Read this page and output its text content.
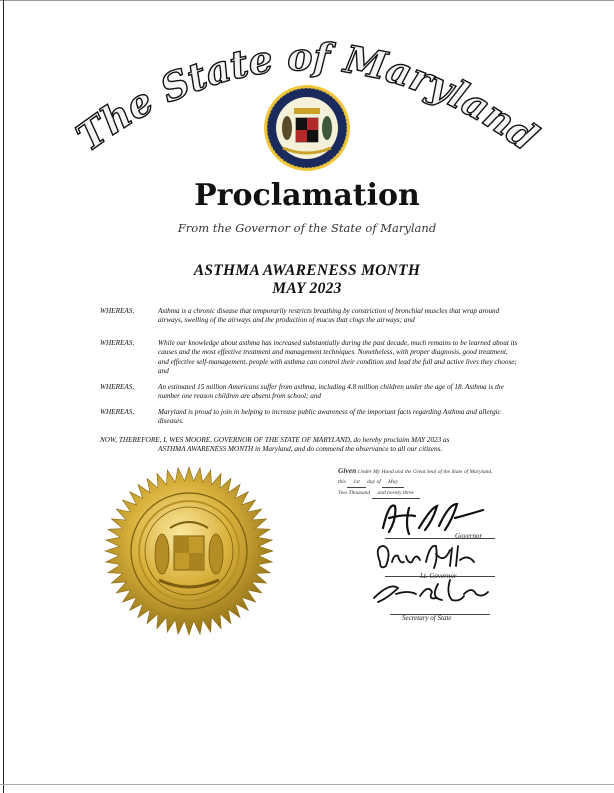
The State of Maryland
Proclamation
From the Governor of the State of Maryland
ASTHMA AWARENESS MONTH
MAY 2023
WHEREAS,	Asthma is a chronic disease that temporarily restricts breathing by constriction of bronchial muscles that wrap around airways, swelling of the airways and the production of mucus that clogs the airways; and
WHEREAS,	While our knowledge about asthma has increased substantially during the past decade, much remains to be learned about its causes and the most effective treatment and management techniques. Nonetheless, with proper diagnosis, good treatment, and effective self-management, people with asthma can control their condition and lead the full and active lives they choose; and
WHEREAS,	An estimated 15 million Americans suffer from asthma, including 4.8 million children under the age of 18. Asthma is the number one reason children are absent from school; and
WHEREAS,	Maryland is proud to join in helping to increase public awareness of the important facts regarding Asthma and allergic diseases.
NOW, THEREFORE, I, WES MOORE, GOVERNOR OF THE STATE OF MARYLAND, do hereby proclaim MAY 2023 as
ASTHMA AWARENESS MONTH in Maryland, and do commend the observance to all our citizens.
Given Under My Hand and the Great Seal of the State of Maryland,
this 1st day of May
Two Thousand and twenty three
Governor
Lt. Governor
Secretary of State
